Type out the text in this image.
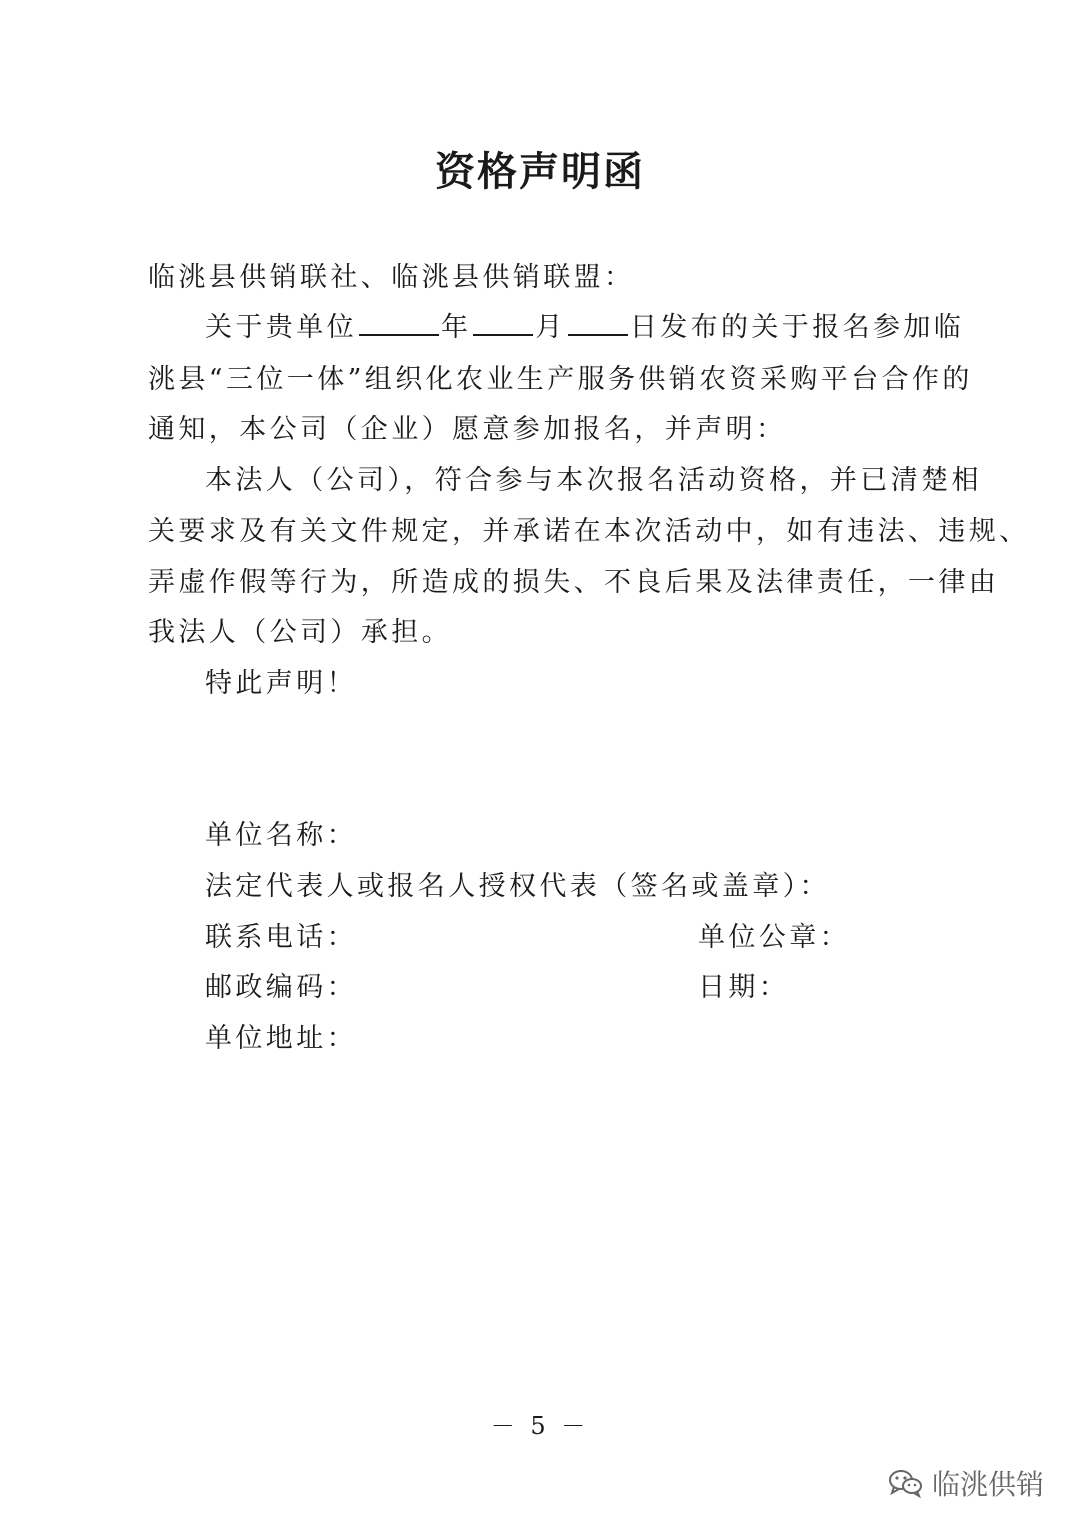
资格声明函
临洮县供销联社、临洮县供销联盟：
关于贵单位	年 月 日发布的关于报名参加临
洮县“三位一体”组织化农业生产服务供销农资采购平台合作的
通知，本公司（企业）愿意参加报名，并声明：
本法人（公司），符合参与本次报名活动资格，并已清楚相
关要求及有关文件规定，并承诺在本次活动中，如有违法、违规、
弄虚作假等行为，所造成的损失、不良后果及法律责任，一律由
我法人（公司）承担。
特此声明！
单位名称：
法定代表人或报名人授权代表（签名或盖章）：
联系电话：	单位公章：
邮政编码：	日期：
单位地址：
－ 5 －
临洮供销
